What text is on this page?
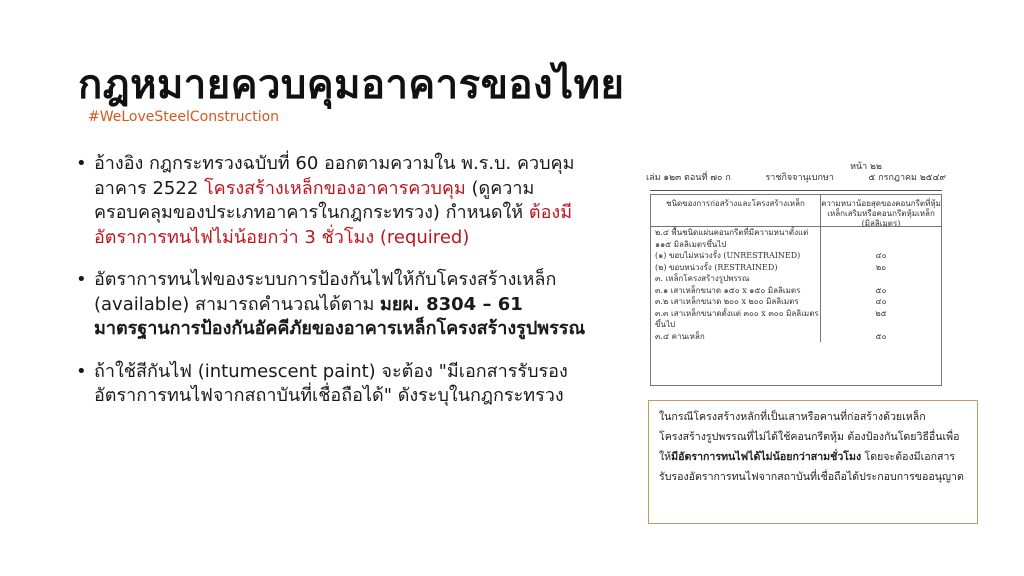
กฎหมายควบคุมอาคารของไทย
#WeLoveSteelConstruction
• อ้างอิง กฎกระทรวงฉบับที่ 60 ออกตามความใน พ.ร.บ. ควบคุมอาคาร 2522 โครงสร้างเหล็กของอาคารควบคุม (ดูความครอบคลุมของประเภทอาคารในกฎกระทรวง) กำหนดให้ ต้องมีอัตราการทนไฟไม่น้อยกว่า 3 ชั่วโมง (required)
• อัตราการทนไฟของระบบการป้องกันไฟให้กับโครงสร้างเหล็ก (available) สามารถคำนวณได้ตาม มยผ. 8304 – 61 มาตรฐานการป้องกันอัคคีภัยของอาคารเหล็กโครงสร้างรูปพรรณ
• ถ้าใช้สีกันไฟ (intumescent paint) จะต้อง "มีเอกสารรับรองอัตราการทนไฟจากสถาบันที่เชื่อถือได้" ดังระบุในกฎกระทรวง
หน้า ๒๒
เล่ม ๑๒๓ ตอนที่ ๗๐ ก	ราชกิจจานุเบกษา	๕ กรกฎาคม ๒๕๔๙
ชนิดของการก่อสร้างและโครงสร้างเหล็ก	ความหนาน้อยสุดของคอนกรีตที่หุ้มเหล็กเสริมหรือคอนกรีตหุ้มเหล็ก (มิลลิเมตร)
๒.๔ พื้นชนิดแผ่นคอนกรีตที่มีความหนาตั้งแต่
๑๑๕ มิลลิเมตรขึ้นไป
(๑) ขอบไม่หน่วงรั้ง (UNRESTRAINED)	๔๐
(๒) ขอบหน่วงรั้ง (RESTRAINED)	๒๐
๓. เหล็กโครงสร้างรูปพรรณ
๓.๑ เสาเหล็กขนาด ๑๕๐ x ๑๕๐ มิลลิเมตร	๕๐
๓.๒ เสาเหล็กขนาด ๒๐๐ x ๒๐๐ มิลลิเมตร	๔๐
๓.๓ เสาเหล็กขนาดตั้งแต่ ๓๐๐ x ๓๐๐ มิลลิเมตร	๒๕
ขึ้นไป
๓.๔ คานเหล็ก	๕๐
ในกรณีโครงสร้างหลักที่เป็นเสาหรือคานที่ก่อสร้างด้วยเหล็กโครงสร้างรูปพรรณที่ไม่ได้ใช้คอนกรีตหุ้ม ต้องป้องกันโดยวิธีอื่นเพื่อให้มีอัตราการทนไฟได้ไม่น้อยกว่าสามชั่วโมง โดยจะต้องมีเอกสารรับรองอัตราการทนไฟจากสถาบันที่เชื่อถือได้ประกอบการขออนุญาต
